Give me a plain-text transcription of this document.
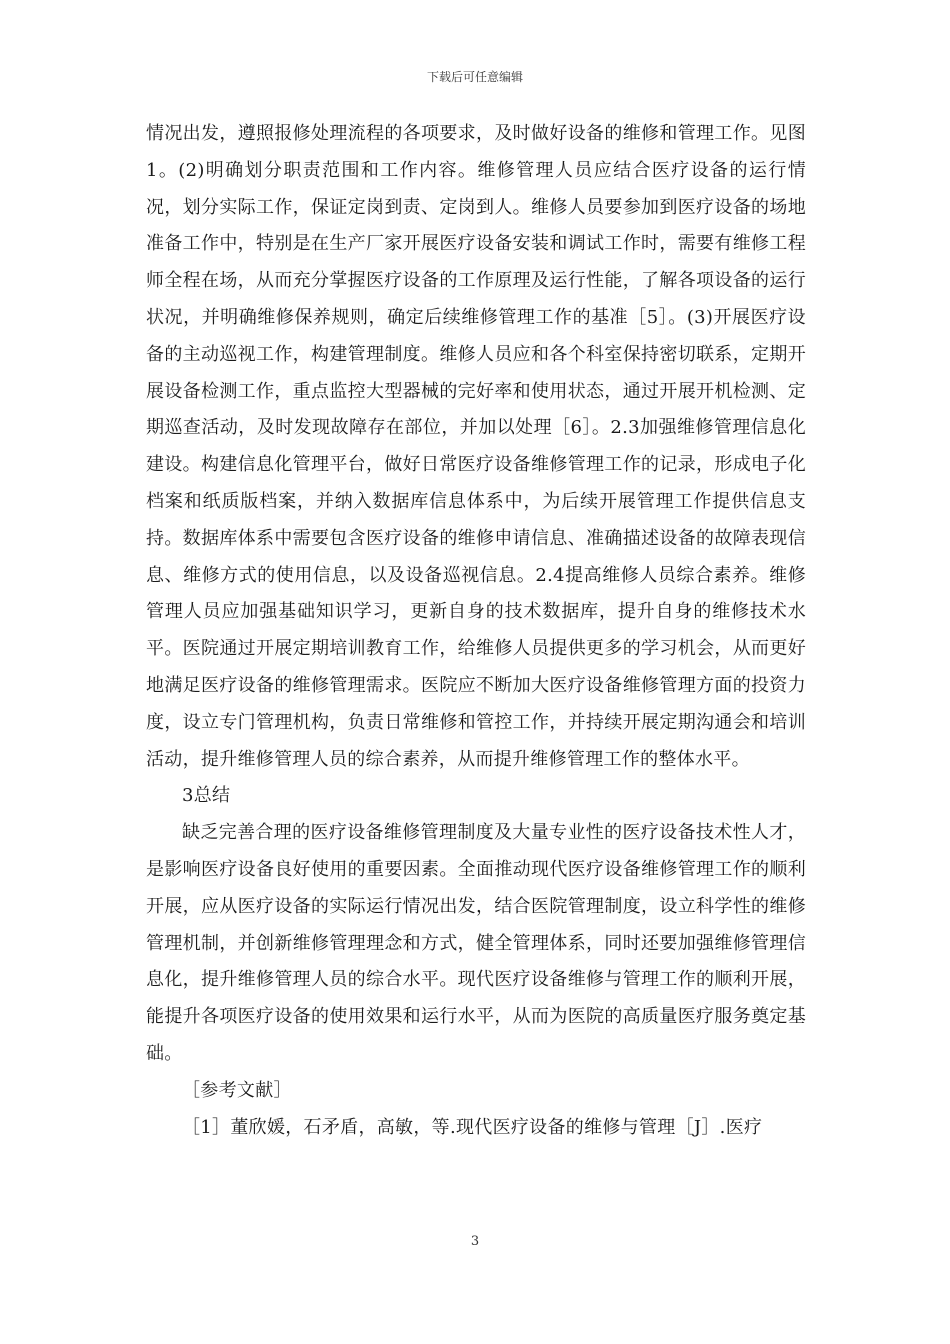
下载后可任意编辑

情况出发，遵照报修处理流程的各项要求，及时做好设备的维修和管理工作。见图1。(2)明确划分职责范围和工作内容。维修管理人员应结合医疗设备的运行情况，划分实际工作，保证定岗到责、定岗到人。维修人员要参加到医疗设备的场地准备工作中，特别是在生产厂家开展医疗设备安装和调试工作时，需要有维修工程师全程在场，从而充分掌握医疗设备的工作原理及运行性能，了解各项设备的运行状况，并明确维修保养规则，确定后续维修管理工作的基准［5］。(3)开展医疗设备的主动巡视工作，构建管理制度。维修人员应和各个科室保持密切联系，定期开展设备检测工作，重点监控大型器械的完好率和使用状态，通过开展开机检测、定期巡查活动，及时发现故障存在部位，并加以处理［6］。2.3加强维修管理信息化建设。构建信息化管理平台，做好日常医疗设备维修管理工作的记录，形成电子化档案和纸质版档案，并纳入数据库信息体系中，为后续开展管理工作提供信息支持。数据库体系中需要包含医疗设备的维修申请信息、准确描述设备的故障表现信息、维修方式的使用信息，以及设备巡视信息。2.4提高维修人员综合素养。维修管理人员应加强基础知识学习，更新自身的技术数据库，提升自身的维修技术水平。医院通过开展定期培训教育工作，给维修人员提供更多的学习机会，从而更好地满足医疗设备的维修管理需求。医院应不断加大医疗设备维修管理方面的投资力度，设立专门管理机构，负责日常维修和管控工作，并持续开展定期沟通会和培训活动，提升维修管理人员的综合素养，从而提升维修管理工作的整体水平。

3总结

缺乏完善合理的医疗设备维修管理制度及大量专业性的医疗设备技术性人才，是影响医疗设备良好使用的重要因素。全面推动现代医疗设备维修管理工作的顺利开展，应从医疗设备的实际运行情况出发，结合医院管理制度，设立科学性的维修管理机制，并创新维修管理理念和方式，健全管理体系，同时还要加强维修管理信息化，提升维修管理人员的综合水平。现代医疗设备维修与管理工作的顺利开展，能提升各项医疗设备的使用效果和运行水平，从而为医院的高质量医疗服务奠定基础。

［参考文献］

［1］董欣媛，石矛盾，高敏，等.现代医疗设备的维修与管理［J］.医疗

3
